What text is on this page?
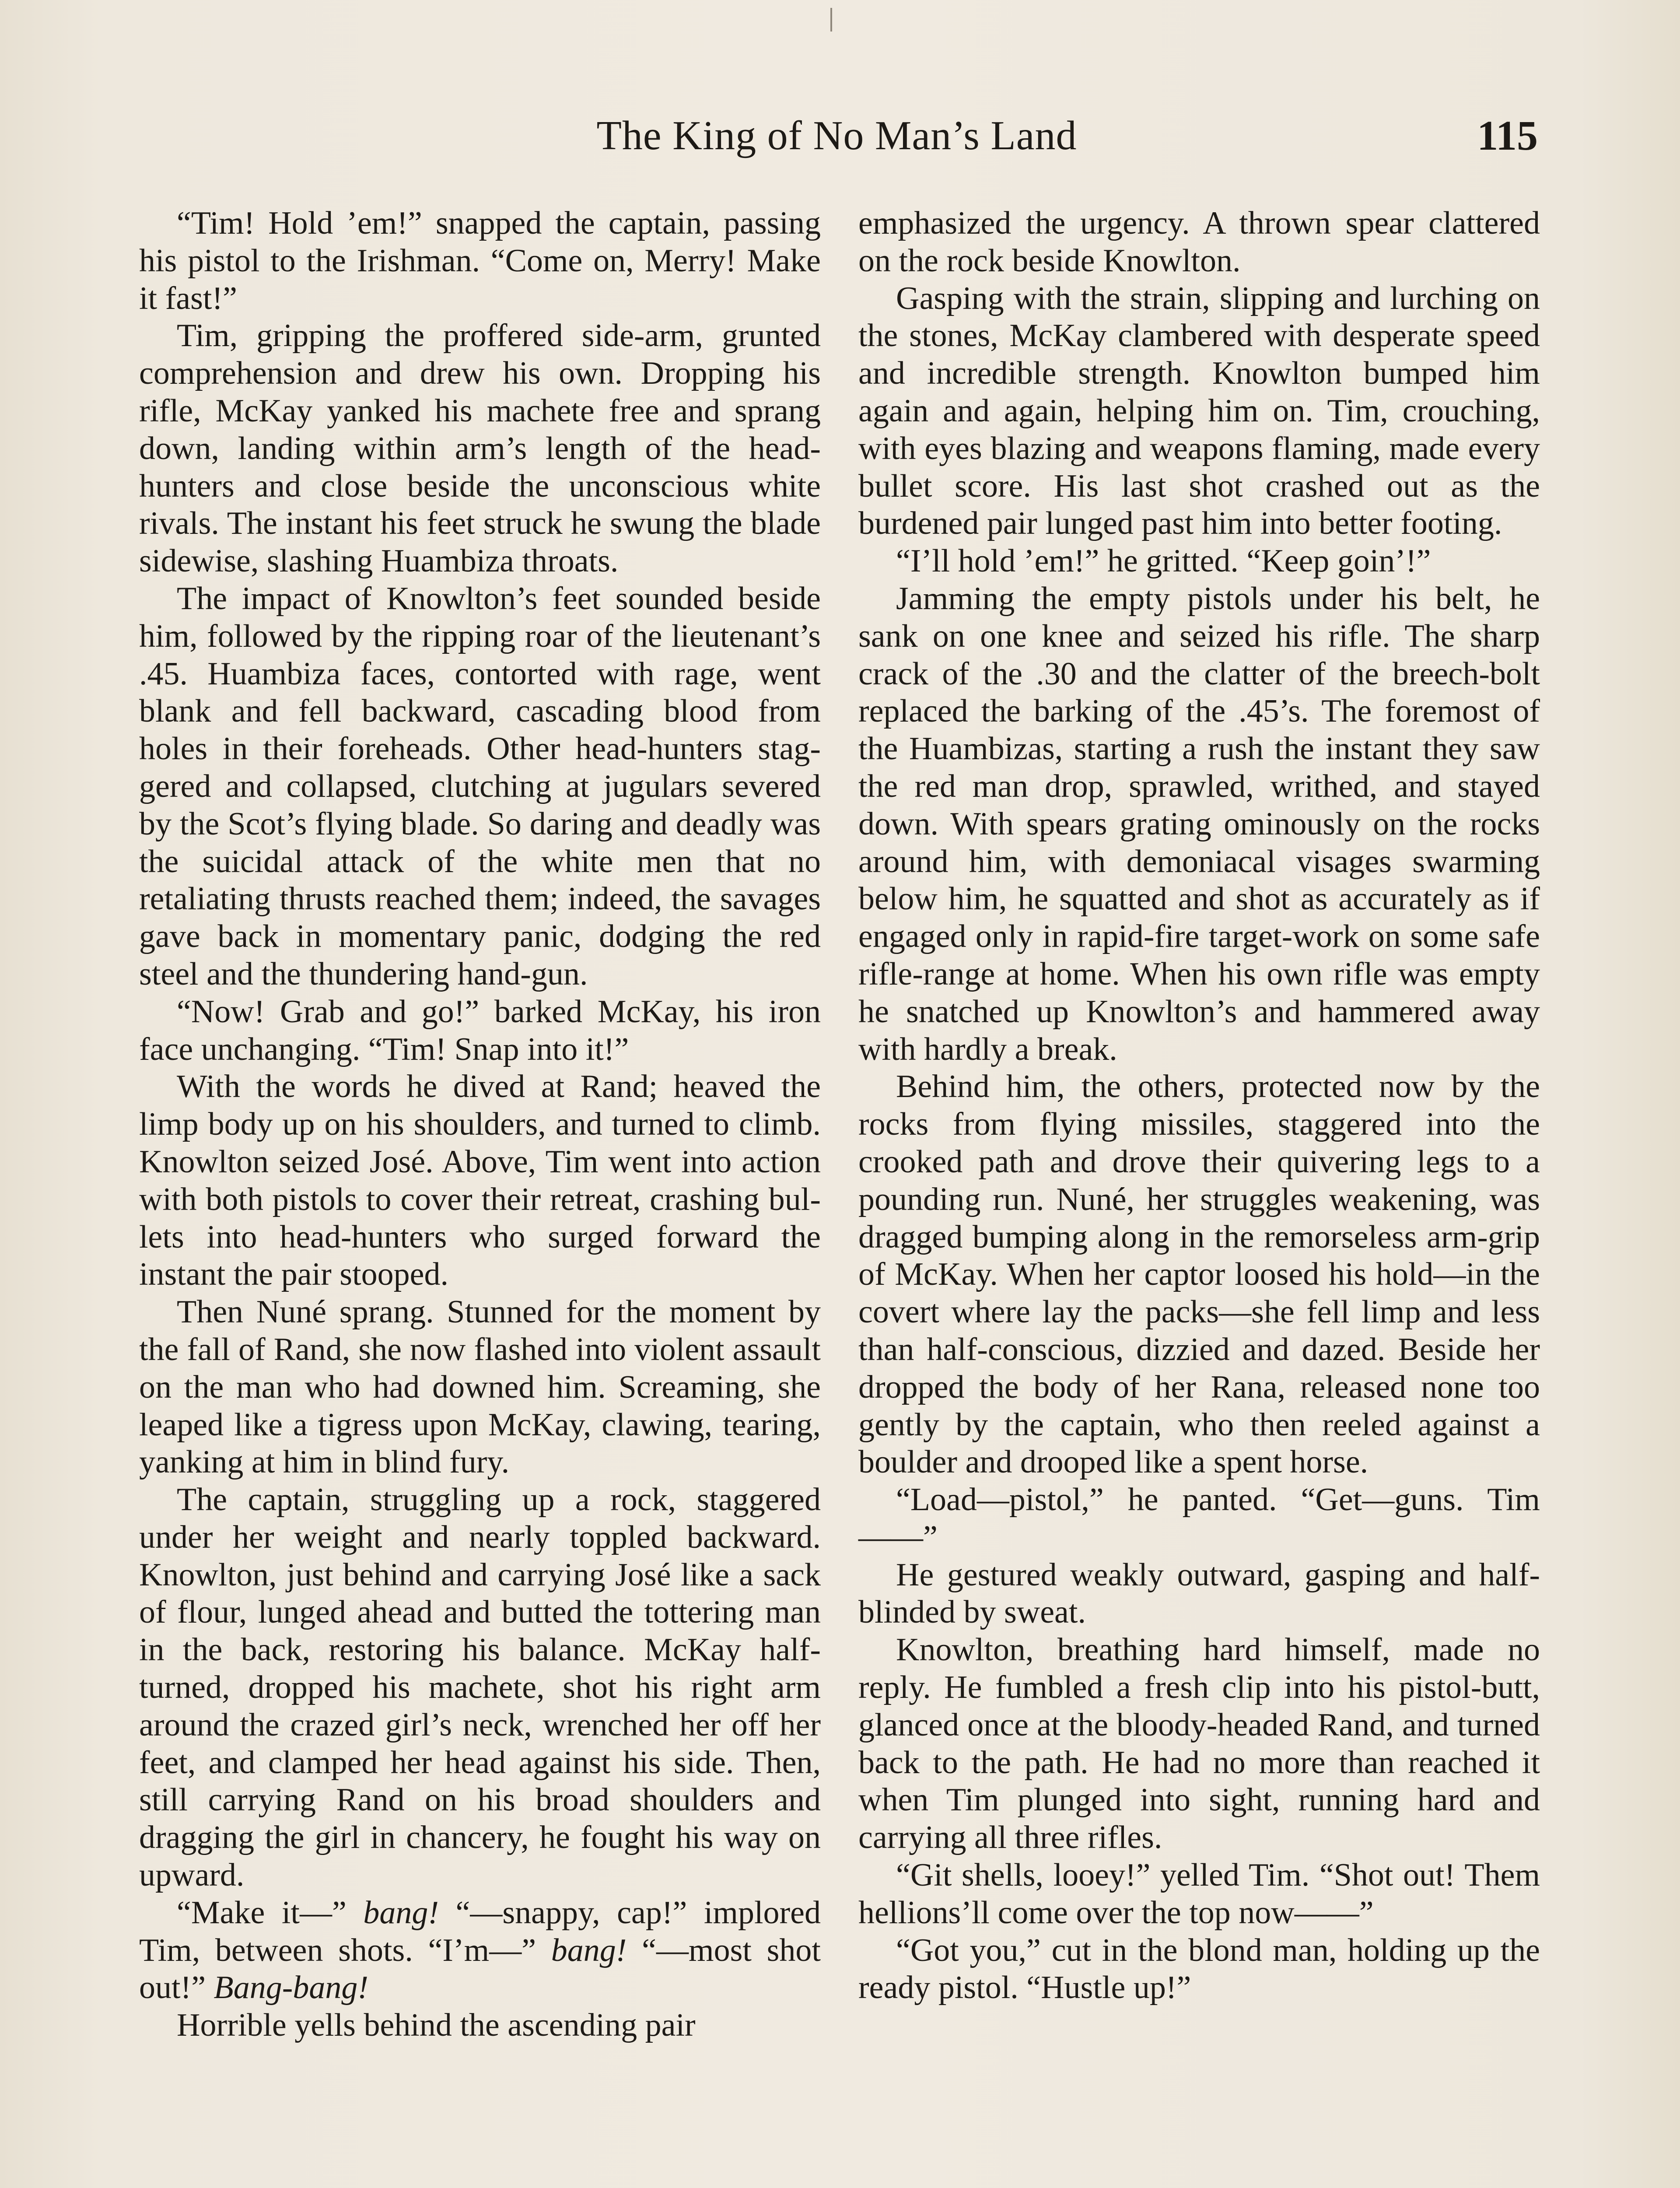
The King of No Man’s Land	115

“Tim! Hold ’em!” snapped the captain, passing his pistol to the Irishman. “Come on, Merry! Make it fast!”

Tim, gripping the proffered side-arm, grunted comprehension and drew his own. Dropping his rifle, McKay yanked his machete free and sprang down, landing within arm’s length of the head-hunters and close beside the unconscious white rivals. The instant his feet struck he swung the blade sidewise, slashing Huambiza throats.

The impact of Knowlton’s feet sounded beside him, followed by the ripping roar of the lieutenant’s .45. Huambiza faces, contorted with rage, went blank and fell backward, cascading blood from holes in their foreheads. Other head-hunters staggered and collapsed, clutching at jugulars severed by the Scot’s flying blade. So daring and deadly was the suicidal attack of the white men that no retaliating thrusts reached them; indeed, the savages gave back in momentary panic, dodging the red steel and the thundering hand-gun.

“Now! Grab and go!” barked McKay, his iron face unchanging. “Tim! Snap into it!”

With the words he dived at Rand; heaved the limp body up on his shoulders, and turned to climb. Knowlton seized José. Above, Tim went into action with both pistols to cover their retreat, crashing bullets into head-hunters who surged forward the instant the pair stooped.

Then Nuné sprang. Stunned for the moment by the fall of Rand, she now flashed into violent assault on the man who had downed him. Screaming, she leaped like a tigress upon McKay, clawing, tearing, yanking at him in blind fury.

The captain, struggling up a rock, staggered under her weight and nearly toppled backward. Knowlton, just behind and carrying José like a sack of flour, lunged ahead and butted the tottering man in the back, restoring his balance. McKay half-turned, dropped his machete, shot his right arm around the crazed girl’s neck, wrenched her off her feet, and clamped her head against his side. Then, still carrying Rand on his broad shoulders and dragging the girl in chancery, he fought his way on upward.

“Make it—” bang! “—snappy, cap!” implored Tim, between shots. “I’m—” bang! “—most shot out!” Bang-bang!

Horrible yells behind the ascending pair

emphasized the urgency. A thrown spear clattered on the rock beside Knowlton.

Gasping with the strain, slipping and lurching on the stones, McKay clambered with desperate speed and incredible strength. Knowlton bumped him again and again, helping him on. Tim, crouching, with eyes blazing and weapons flaming, made every bullet score. His last shot crashed out as the burdened pair lunged past him into better footing.

“I’ll hold ’em!” he gritted. “Keep goin’!”

Jamming the empty pistols under his belt, he sank on one knee and seized his rifle. The sharp crack of the .30 and the clatter of the breech-bolt replaced the barking of the .45’s. The foremost of the Huambizas, starting a rush the instant they saw the red man drop, sprawled, writhed, and stayed down. With spears grating ominously on the rocks around him, with demoniacal visages swarming below him, he squatted and shot as accurately as if engaged only in rapid-fire target-work on some safe rifle-range at home. When his own rifle was empty he snatched up Knowlton’s and hammered away with hardly a break.

Behind him, the others, protected now by the rocks from flying missiles, staggered into the crooked path and drove their quivering legs to a pounding run. Nuné, her struggles weakening, was dragged bumping along in the remorseless arm-grip of McKay. When her captor loosed his hold—in the covert where lay the packs—she fell limp and less than half-conscious, dizzied and dazed. Beside her dropped the body of her Rana, released none too gently by the captain, who then reeled against a boulder and drooped like a spent horse.

“Load—pistol,” he panted. “Get—guns. Tim——”

He gestured weakly outward, gasping and half-blinded by sweat.

Knowlton, breathing hard himself, made no reply. He fumbled a fresh clip into his pistol-butt, glanced once at the bloody-headed Rand, and turned back to the path. He had no more than reached it when Tim plunged into sight, running hard and carrying all three rifles.

“Git shells, looey!” yelled Tim. “Shot out! Them hellions’ll come over the top now——”

“Got you,” cut in the blond man, holding up the ready pistol. “Hustle up!”
